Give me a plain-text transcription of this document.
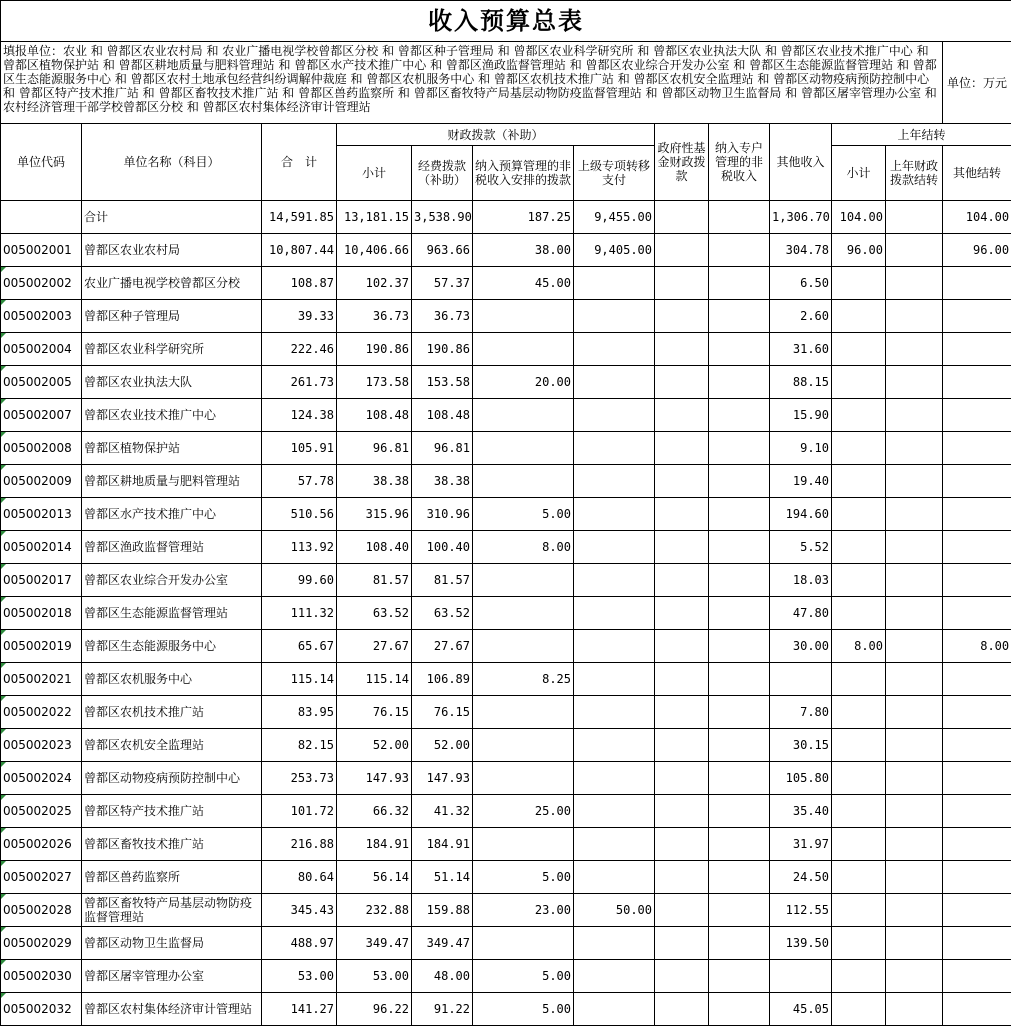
收入预算总表												
填报单位：农业 和 曾都区农业农村局 和 农业广播电视学校曾都区分校 和 曾都区种子管理局 和 曾都区农业科学研究所 和 曾都区农业执法大队 和 曾都区农业技术推广中心 和 曾都区植物保护站 和 曾都区耕地质量与肥料管理站 和 曾都区水产技术推广中心 和 曾都区渔政监督管理站 和 曾都区农业综合开发办公室 和 曾都区生态能源监督管理站 和 曾都区生态能源服务中心 和 曾都区农村土地承包经营纠纷调解仲裁庭 和 曾都区农机服务中心 和 曾都区农机技术推广站 和 曾都区农机安全监理站 和 曾都区动物疫病预防控制中心 和 曾都区特产技术推广站 和 曾都区畜牧技术推广站 和 曾都区兽药监察所 和 曾都区畜牧特产局基层动物防疫监督管理站 和 曾都区动物卫生监督局 和 曾都区屠宰管理办公室 和 农村经济管理干部学校曾都区分校 和 曾都区农村集体经济审计管理站												单位：万元
单位代码	单位名称（科目）	合　计	财政拨款（补助）				政府性基金财政拨款	纳入专户管理的非税收入	其他收入	上年结转		
			小计	经费拨款（补助）	纳入预算管理的非税收入安排的拨款	上级专项转移支付				小计	上年财政拨款结转	其他结转

	合计	14,591.85	13,181.15	3,538.90	187.25	9,455.00			1,306.70	104.00		104.00
005002001	曾都区农业农村局	10,807.44	10,406.66	963.66	38.00	9,405.00			304.78	96.00		96.00
005002002	农业广播电视学校曾都区分校	108.87	102.37	57.37	45.00				6.50			
005002003	曾都区种子管理局	39.33	36.73	36.73					2.60			
005002004	曾都区农业科学研究所	222.46	190.86	190.86					31.60			
005002005	曾都区农业执法大队	261.73	173.58	153.58	20.00				88.15			
005002007	曾都区农业技术推广中心	124.38	108.48	108.48					15.90			
005002008	曾都区植物保护站	105.91	96.81	96.81					9.10			
005002009	曾都区耕地质量与肥料管理站	57.78	38.38	38.38					19.40			
005002013	曾都区水产技术推广中心	510.56	315.96	310.96	5.00				194.60			
005002014	曾都区渔政监督管理站	113.92	108.40	100.40	8.00				5.52			
005002017	曾都区农业综合开发办公室	99.60	81.57	81.57					18.03			
005002018	曾都区生态能源监督管理站	111.32	63.52	63.52					47.80			
005002019	曾都区生态能源服务中心	65.67	27.67	27.67					30.00	8.00		8.00
005002021	曾都区农机服务中心	115.14	115.14	106.89	8.25							
005002022	曾都区农机技术推广站	83.95	76.15	76.15					7.80			
005002023	曾都区农机安全监理站	82.15	52.00	52.00					30.15			
005002024	曾都区动物疫病预防控制中心	253.73	147.93	147.93					105.80			
005002025	曾都区特产技术推广站	101.72	66.32	41.32	25.00				35.40			
005002026	曾都区畜牧技术推广站	216.88	184.91	184.91					31.97			
005002027	曾都区兽药监察所	80.64	56.14	51.14	5.00				24.50			
005002028	曾都区畜牧特产局基层动物防疫监督管理站	345.43	232.88	159.88	23.00	50.00			112.55			
005002029	曾都区动物卫生监督局	488.97	349.47	349.47					139.50			
005002030	曾都区屠宰管理办公室	53.00	53.00	48.00	5.00							
005002032	曾都区农村集体经济审计管理站	141.27	96.22	91.22	5.00				45.05			
